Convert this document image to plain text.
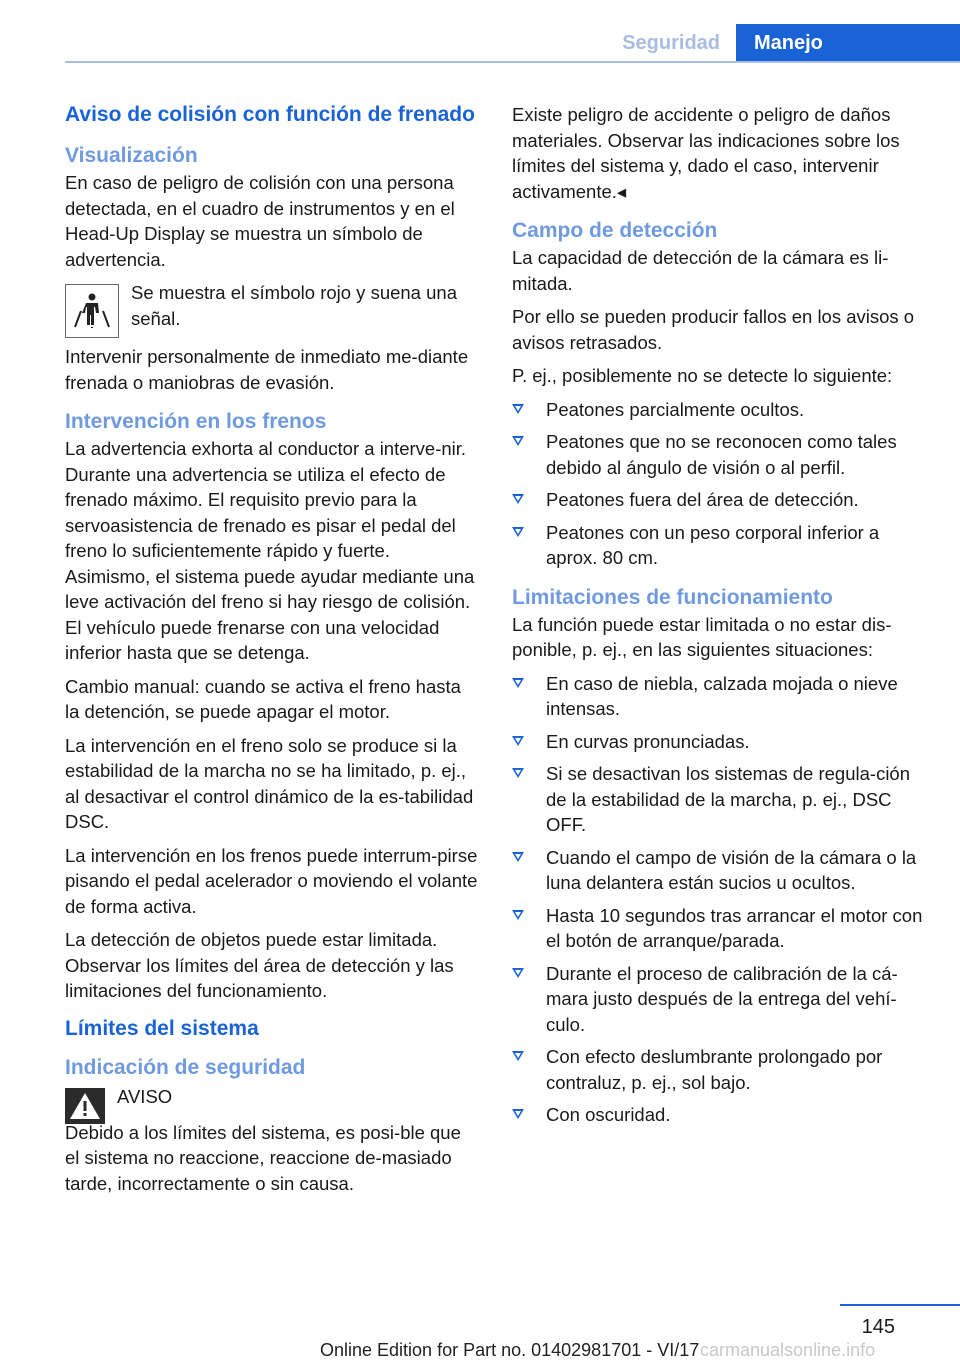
Seguridad	Manejo
Aviso de colisión con función de frenado
Visualización

En caso de peligro de colisión con una persona detectada, en el cuadro de instrumentos y en el Head-Up Display se muestra un símbolo de advertencia.

Se muestra el símbolo rojo y suena una señal.

Intervenir personalmente de inmediato me-diante frenada o maniobras de evasión.

Intervención en los frenos

La advertencia exhorta al conductor a interve-nir. Durante una advertencia se utiliza el efecto de frenado máximo. El requisito previo para la servoasistencia de frenado es pisar el pedal del freno lo suficientemente rápido y fuerte. Asimismo, el sistema puede ayudar mediante una leve activación del freno si hay riesgo de colisión. El vehículo puede frenarse con una velocidad inferior hasta que se detenga.

Cambio manual: cuando se activa el freno hasta la detención, se puede apagar el motor.

La intervención en el freno solo se produce si la estabilidad de la marcha no se ha limitado, p. ej., al desactivar el control dinámico de la es-tabilidad DSC.

La intervención en los frenos puede interrum-pirse pisando el pedal acelerador o moviendo el volante de forma activa.

La detección de objetos puede estar limitada. Observar los límites del área de detección y las limitaciones del funcionamiento.

Límites del sistema
Indicación de seguridad
AVISO

Debido a los límites del sistema, es posi-ble que el sistema no reaccione, reaccione de-masiado tarde, incorrectamente o sin causa.

Existe peligro de accidente o peligro de daños materiales. Observar las indicaciones sobre los límites del sistema y, dado el caso, intervenir activamente.◂

Campo de detección

La capacidad de detección de la cámara es li-mitada.

Por ello se pueden producir fallos en los avisos o avisos retrasados.

P. ej., posiblemente no se detecte lo siguiente:

Peatones parcialmente ocultos.
Peatones que no se reconocen como tales debido al ángulo de visión o al perfil.
Peatones fuera del área de detección.
Peatones con un peso corporal inferior a aprox. 80 cm.
Limitaciones de funcionamiento

La función puede estar limitada o no estar dis-ponible, p. ej., en las siguientes situaciones:

En caso de niebla, calzada mojada o nieve intensas.
En curvas pronunciadas.
Si se desactivan los sistemas de regula-ción de la estabilidad de la marcha, p. ej., DSC OFF.
Cuando el campo de visión de la cámara o la luna delantera están sucios u ocultos.
Hasta 10 segundos tras arrancar el motor con el botón de arranque/parada.
Durante el proceso de calibración de la cá-mara justo después de la entrega del vehí-culo.
Con efecto deslumbrante prolongado por contraluz, p. ej., sol bajo.
Con oscuridad.
145
Online Edition for Part no. 01402981701 - VI/17 carmanualsonline.info
